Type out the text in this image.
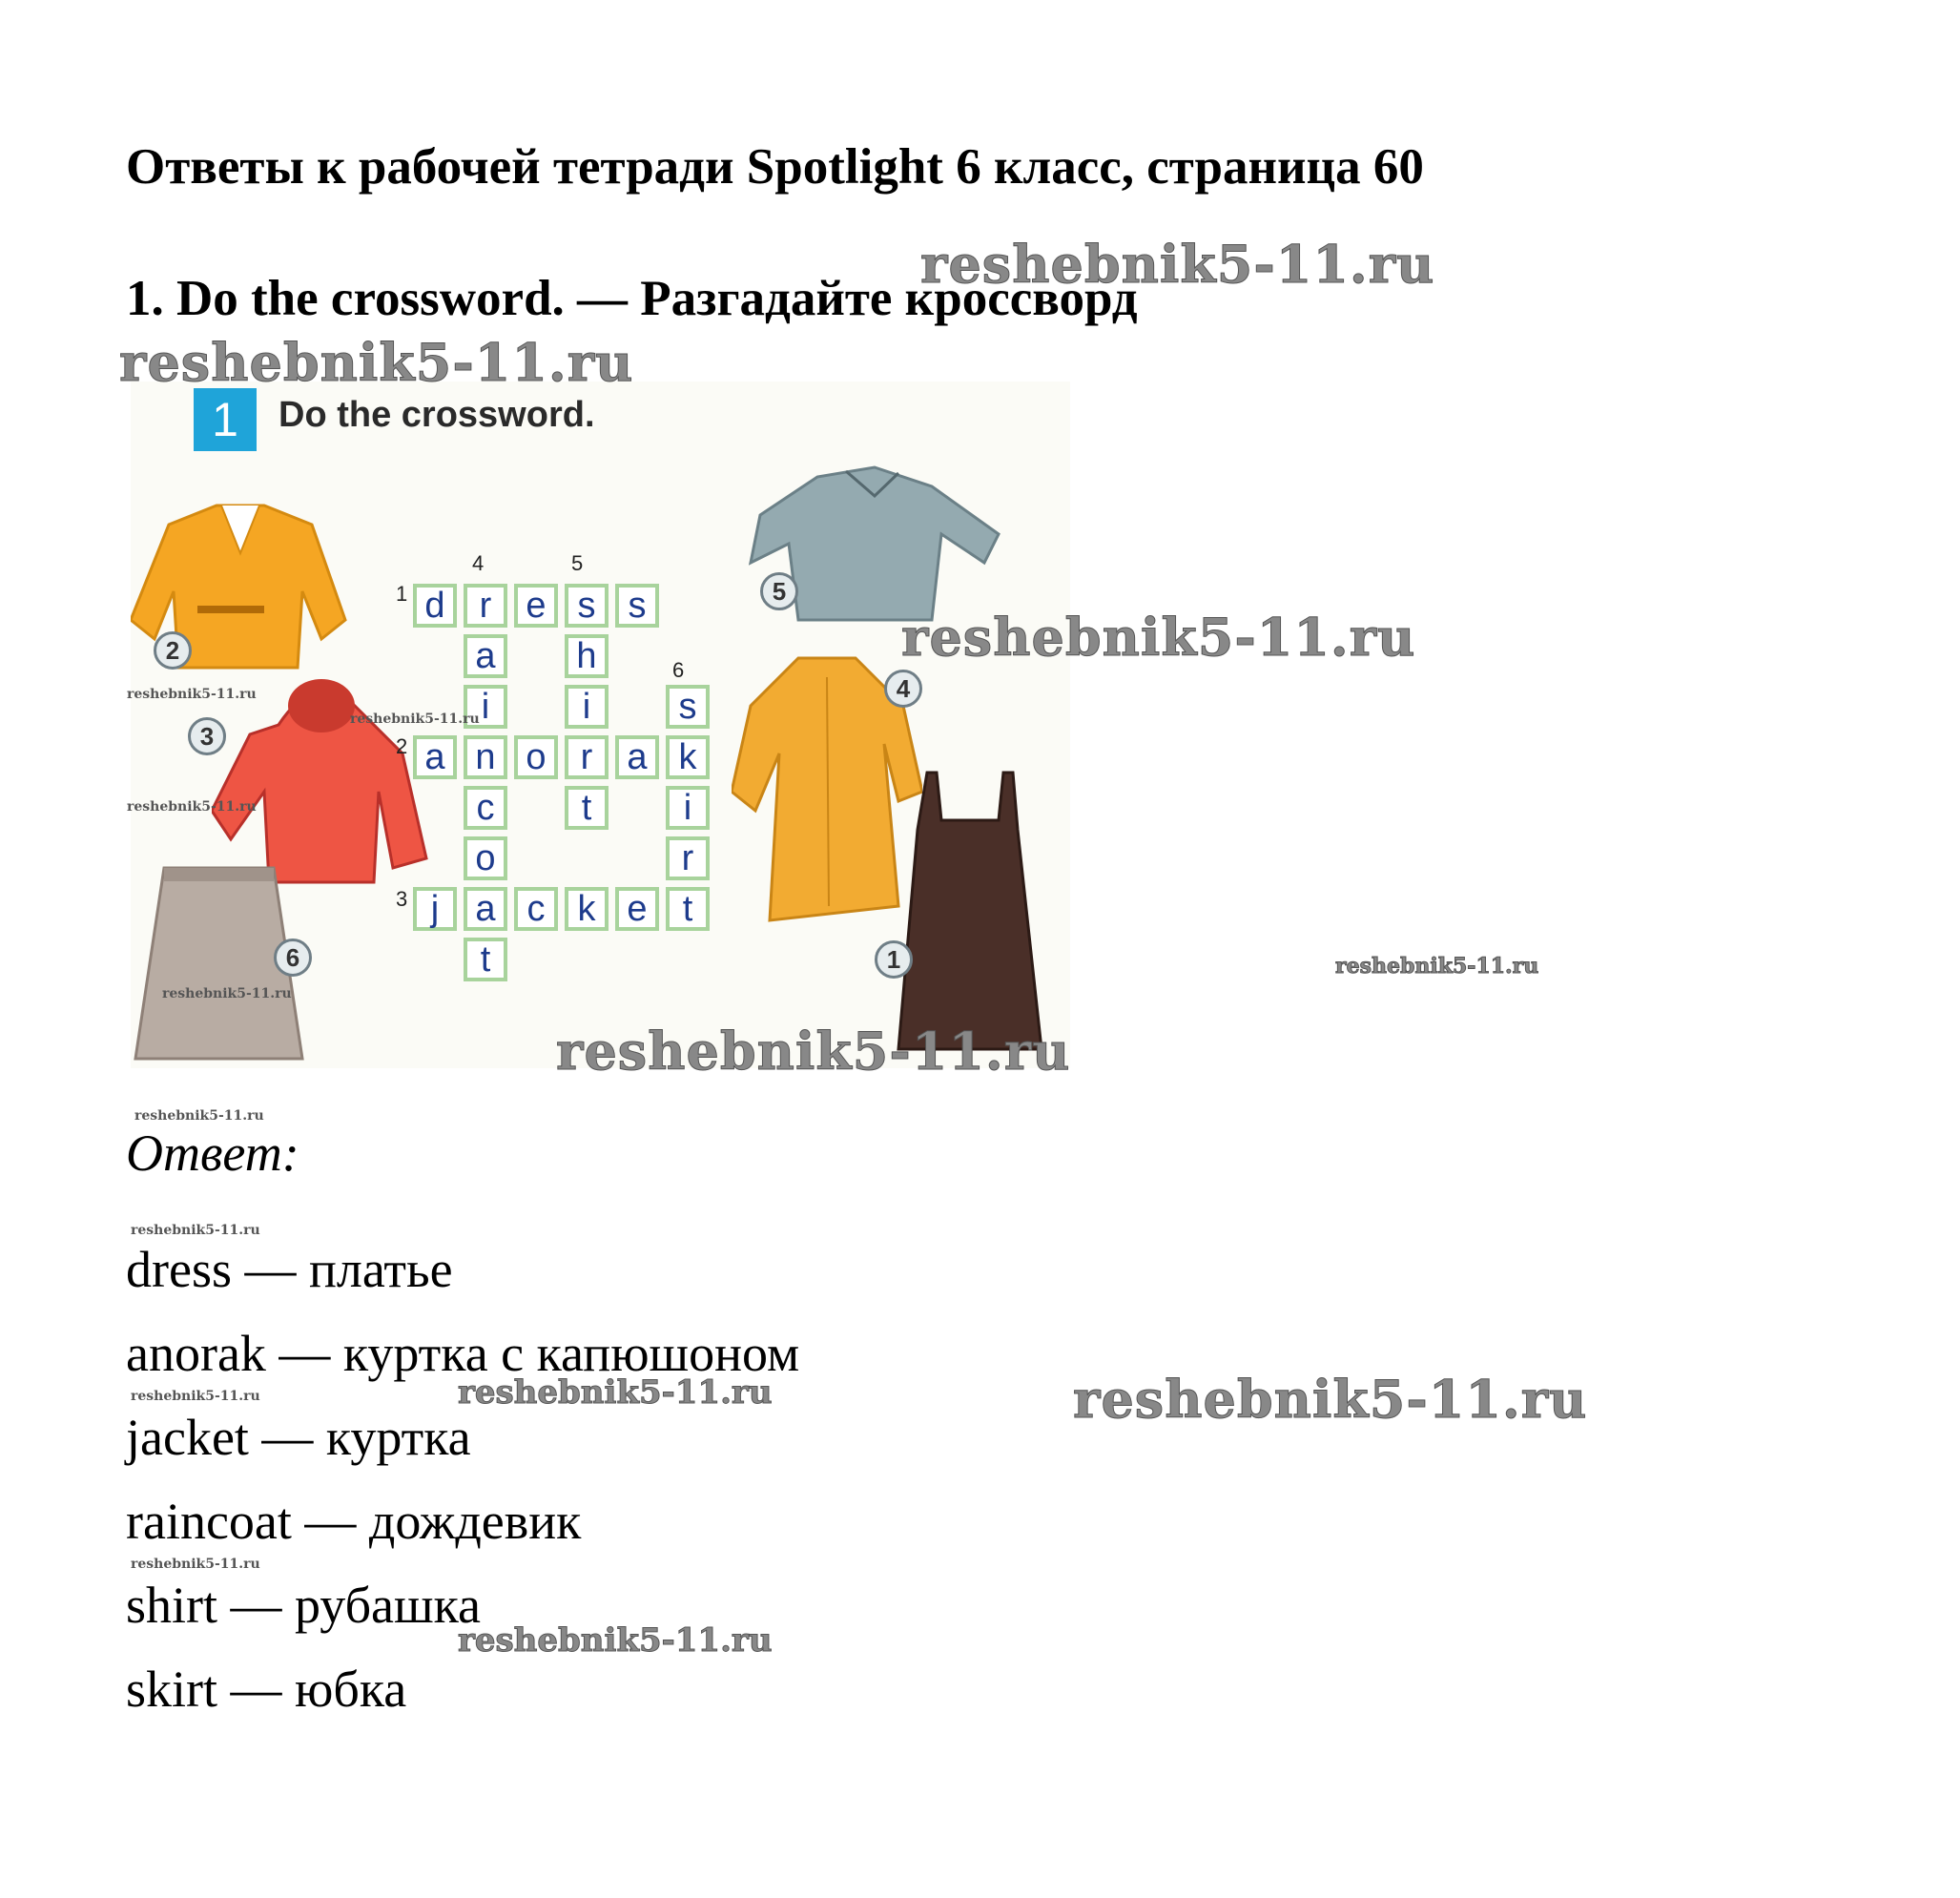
Ответы к рабочей тетради Spotlight 6 класс, страница 60
1. Do the crossword. — Разгадайте кроссворд
1	Do the crossword.
d r e s s
a n o r a k
j	a c k e t
a
i
c
o
t
h
i
t
s
i
r
1
2
3
4	5
6
5
2
3
4
6	1
Ответ:
dress — платье
anorak — куртка с капюшоном
jacket — куртка
raincoat — дождевик
shirt — рубашка
skirt — юбка
reshebnik5-11.ru
reshebnik5-11.ru
reshebnik5-11.ru
reshebnik5-11.ru
reshebnik5-11.ru
reshebnik5-11.ru
reshebnik5-11.ru
reshebnik5-11.ru
reshebnik5-11.ru
reshebnik5-11.ru
reshebnik5-11.ru
reshebnik5-11.ru
reshebnik5-11.ru
reshebnik5-11.ru
reshebnik5-11.ru
reshebnik5-11.ru
